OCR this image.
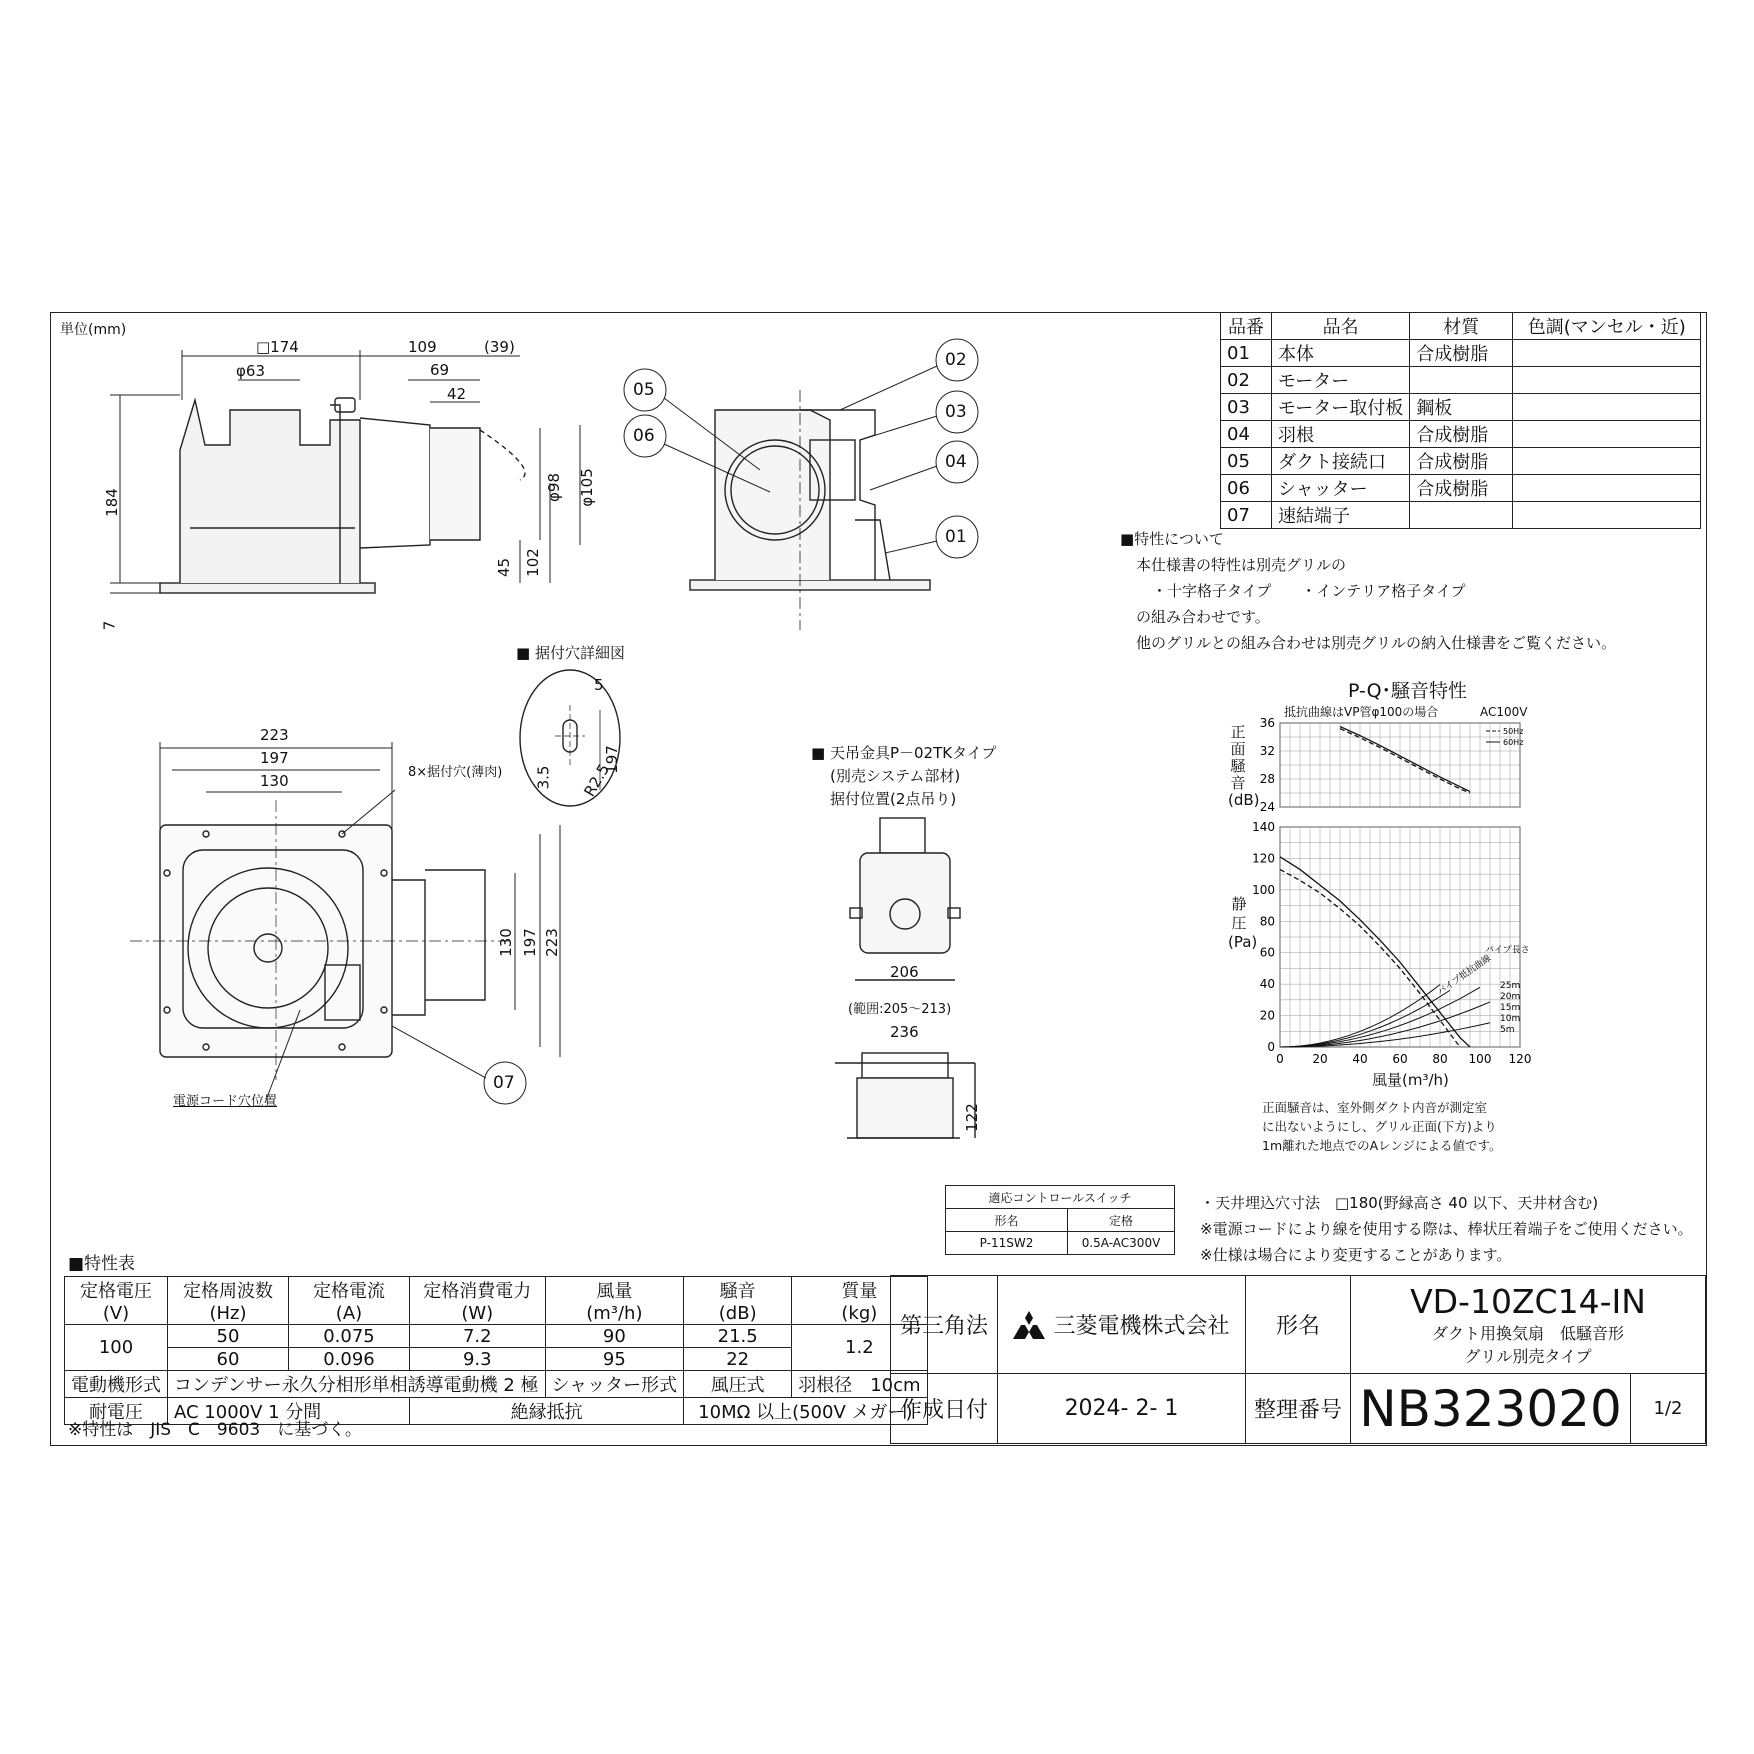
単位(mm)
□174
φ63
109	(39)
69
42
184
7
45 102
φ98 φ105
05
06
02
03
04
01
07
■ 据付穴詳細図
5
3.5 R2.5
197
223
197
130	8×据付穴(薄肉)
130 197 223
電源コード穴位置
■ 天吊金具P－02TKタイプ
(別売システム部材)
据付位置(2点吊り)
206
(範囲:205～213)
236
122
品番	品名	材質	色調(マンセル・近)
01	本体	合成樹脂	
02	モーター		
03	モーター取付板	鋼板	
04	羽根	合成樹脂	
05	ダクト接続口	合成樹脂	
06	シャッター	合成樹脂	
07	速結端子		
■特性について
本仕様書の特性は別売グリルの
・十字格子タイプ　　・インテリア格子タイプ
の組み合わせです。
他のグリルとの組み合わせは別売グリルの納入仕様書をご覧ください。
P-Q･騒音特性
抵抗曲線はVP管φ100の場合	AC100V
正面騒音(dB)
静圧(Pa)
風量(m³/h)
36
32
28
24
50Hz
60Hz
0
20
40
60
80
100
120
140
0 20 40 60 80 100 120
25m
20m
15m
10m
5m
パイプ長さ
パイプ抵抗曲線
正面騒音は、室外側ダクト内音が測定室
に出ないようにし、グリル正面(下方)より
1m離れた地点でのAレンジによる値です。
適応コントロールスイッチ	
形名	定格
P-11SW2	0.5A-AC300V
・天井埋込穴寸法　□180(野縁高さ 40 以下、天井材含む)
※電源コードにより線を使用する際は、棒状圧着端子をご使用ください。
※仕様は場合により変更することがあります。
■特性表
定格電圧
(V)	定格周波数
(Hz)	定格電流
(A)	定格消費電力
(W)	風量
(m³/h)	騒音
(dB)	質量
(kg)
100	50	0.075	7.2	90	21.5	1.2
	60	0.096	9.3	95	22	
電動機形式	コンデンサー永久分相形単相誘導電動機 2 極			シャッター形式	風圧式	羽根径　 10cm
耐電圧	AC 1000V 1 分間		絶縁抵抗		10MΩ 以上(500V メガー)	
※特性は　JIS　C　9603　に基づく。
第三角法	三菱電機株式会社	形名
VD-10ZC14-IN
ダクト用換気扇　低騒音形
グリル別売タイプ
作成日付	2024- 2- 1	整理番号 NB323020	1/2
